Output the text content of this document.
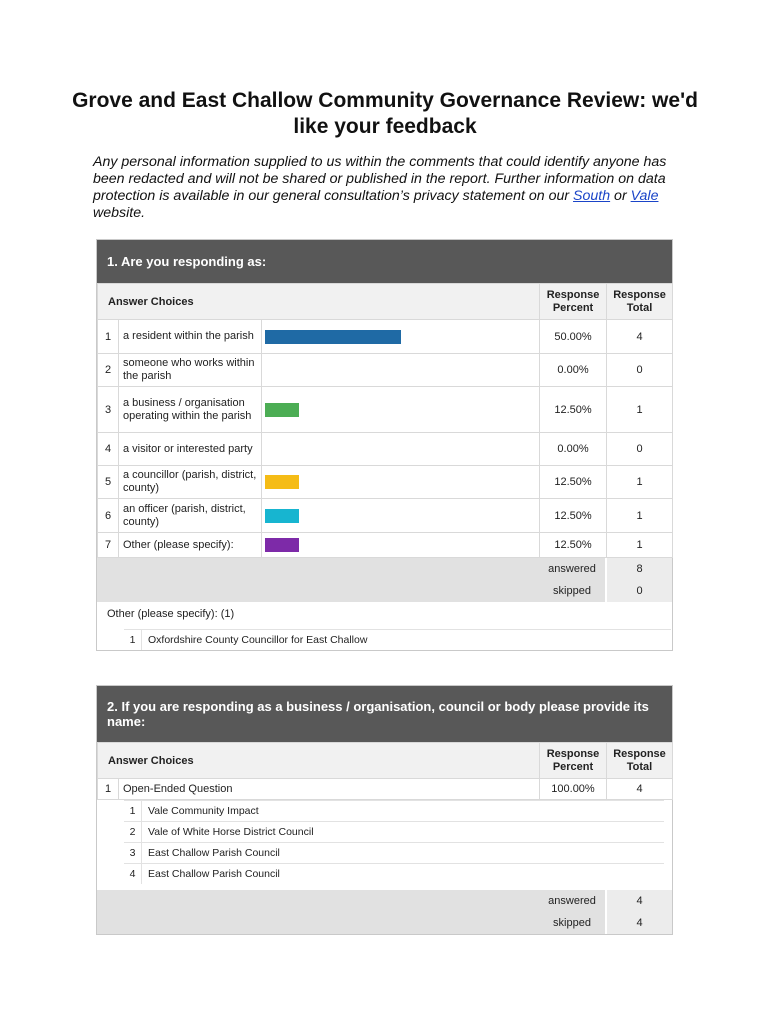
Grove and East Challow Community Governance Review: we'd like your feedback
Any personal information supplied to us within the comments that could identify anyone has been redacted and will not be shared or published in the report. Further information on data protection is available in our general consultation’s privacy statement on our South or Vale website.
1. Are you responding as:
Answer Choices			Response Percent	Response Total
1	a resident within the parish		50.00%	4
2	someone who works within the parish		0.00%	0
3	a business / organisation operating within the parish		12.50%	1
4	a visitor or interested party		0.00%	0
5	a councillor (parish, district, county)		12.50%	1
6	an officer (parish, district, county)		12.50%	1
7	Other (please specify):		12.50%	1
	answered	8
	skipped	0
Other (please specify): (1)
1	Oxfordshire County Councillor for East Challow
2. If you are responding as a business / organisation, council or body please provide its name:
Answer Choices		Response Percent	Response Total
1	Open-Ended Question	100.00%	4
1	Vale Community Impact
2	Vale of White Horse District Council
3	East Challow Parish Council
4	East Challow Parish Council
	answered	4
	skipped	4
